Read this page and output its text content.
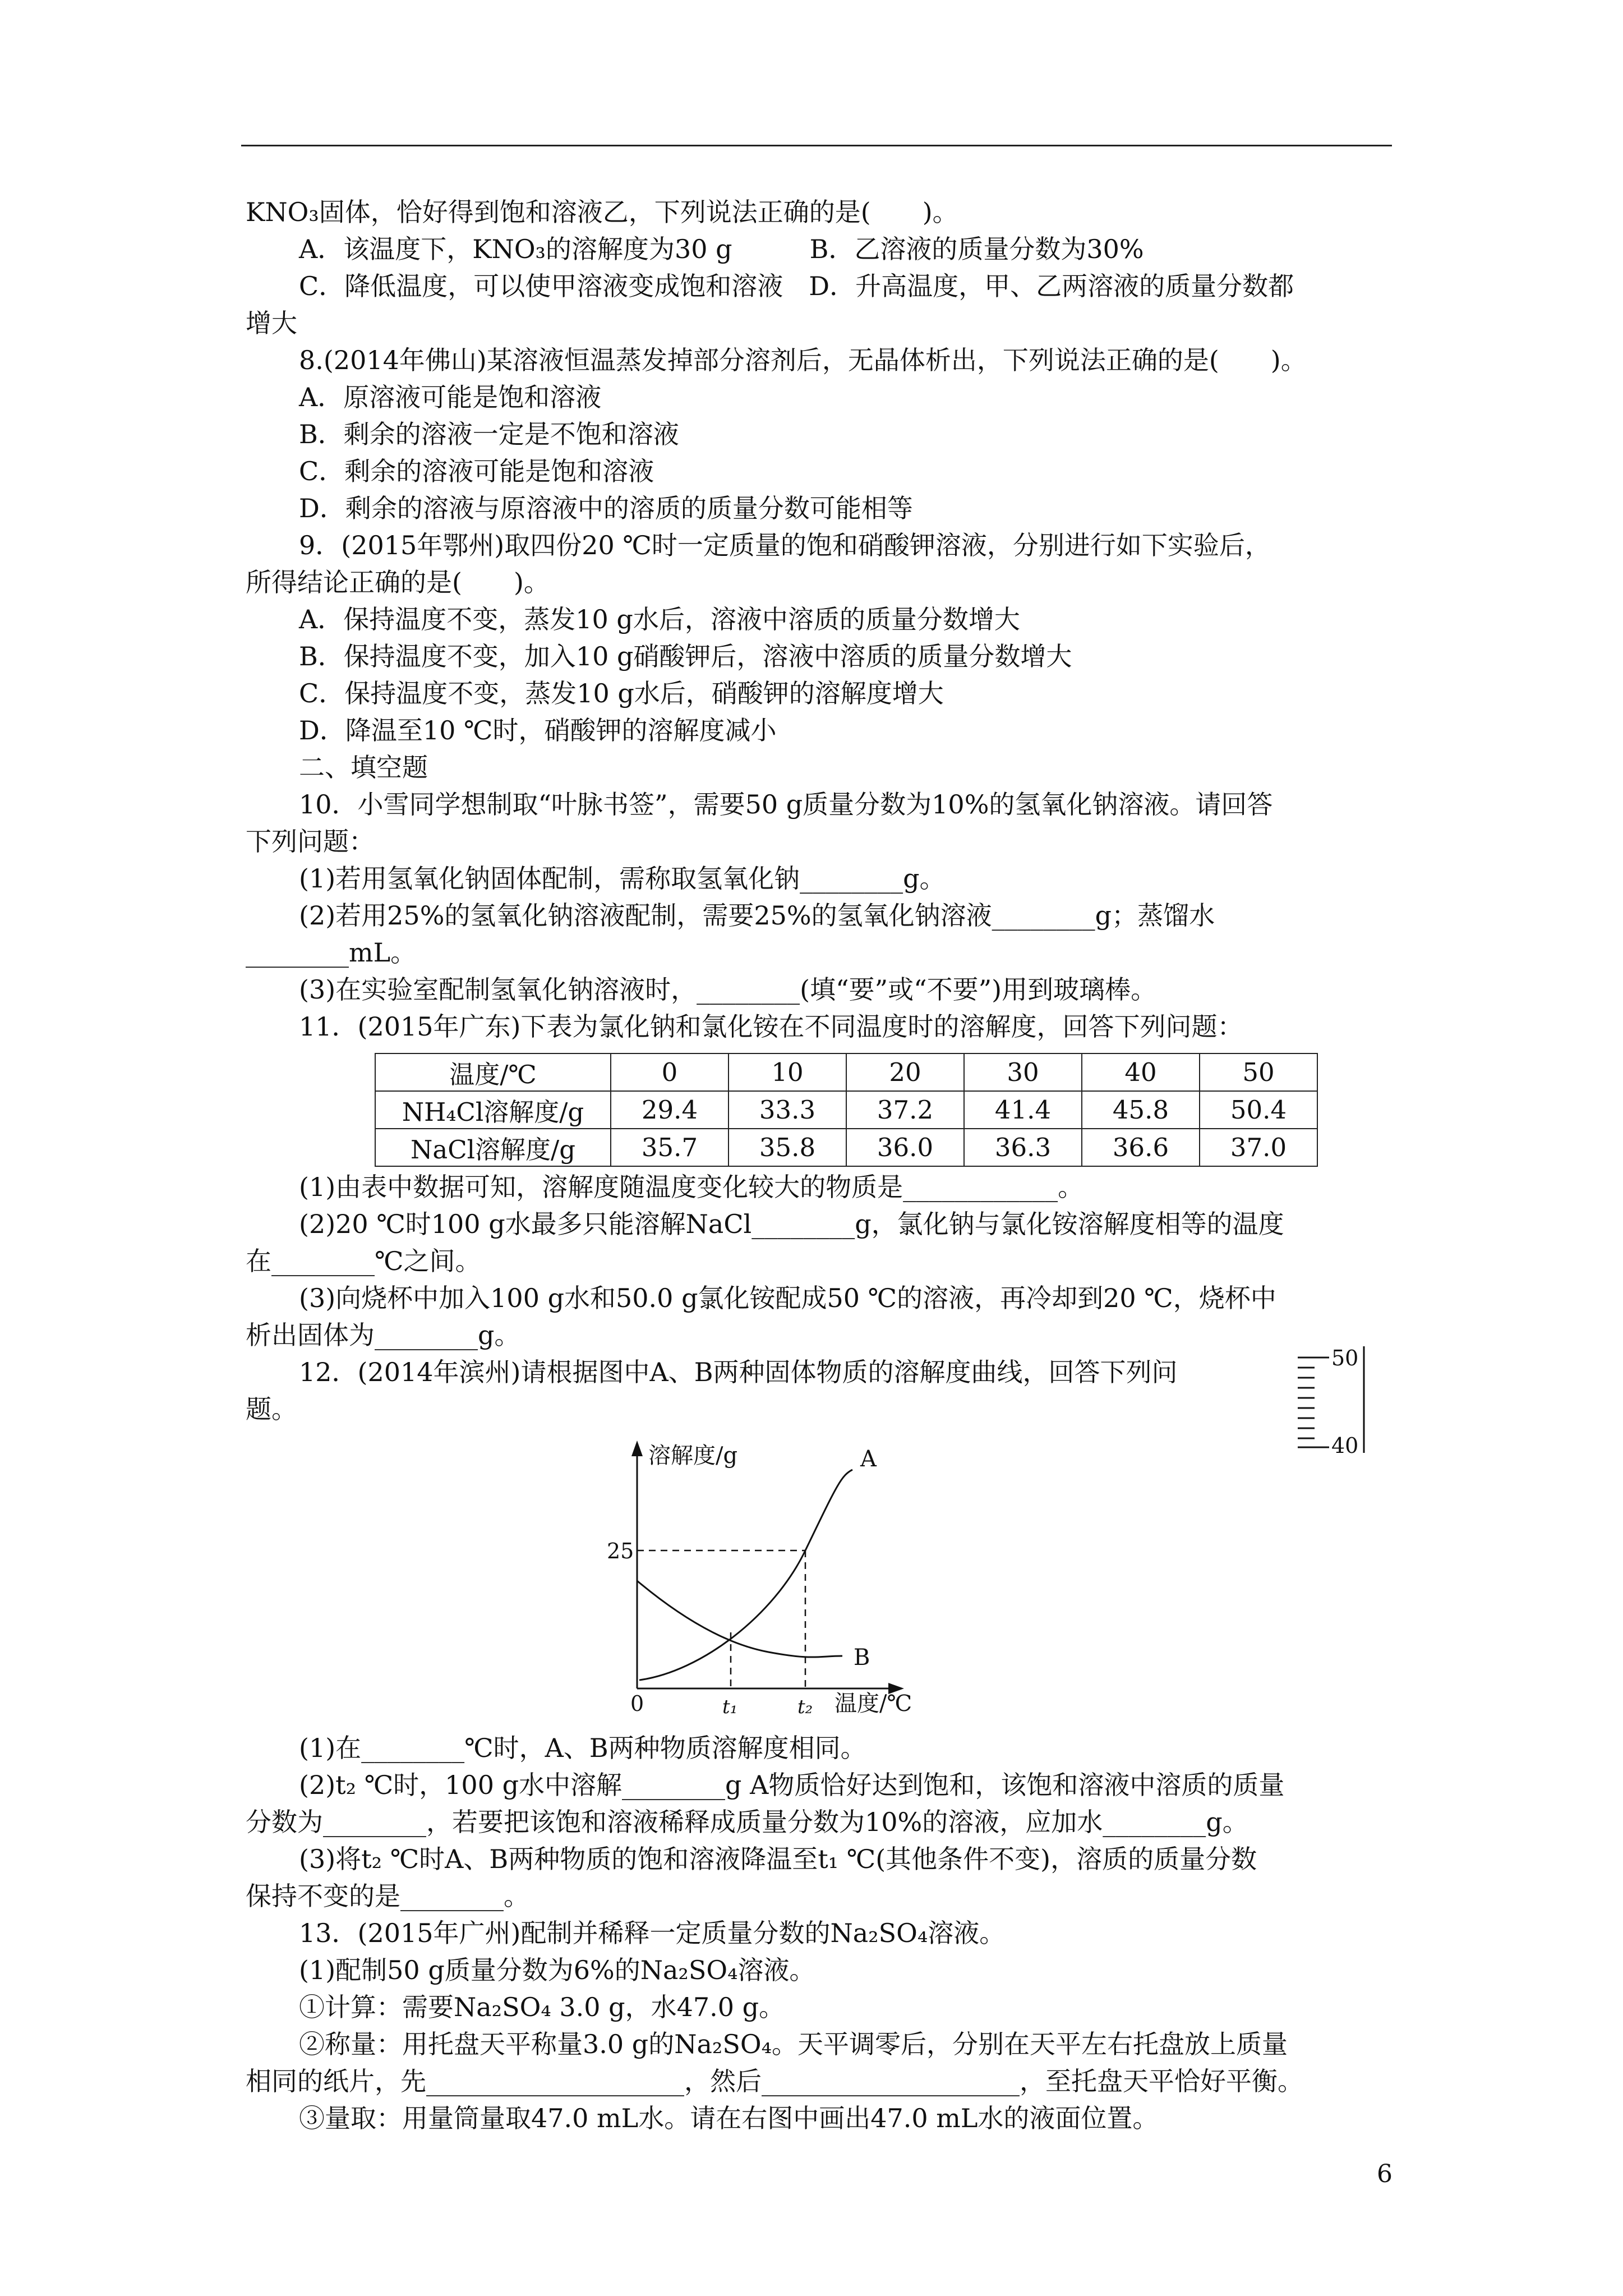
KNO₃固体，恰好得到饱和溶液乙，下列说法正确的是(　　)。
A．该温度下，KNO₃的溶解度为30 g　　　B．乙溶液的质量分数为30%
C．降低温度，可以使甲溶液变成饱和溶液　D．升高温度，甲、乙两溶液的质量分数都
增大
8.(2014年佛山)某溶液恒温蒸发掉部分溶剂后，无晶体析出，下列说法正确的是(　　)。
A．原溶液可能是饱和溶液
B．剩余的溶液一定是不饱和溶液
C．剩余的溶液可能是饱和溶液
D．剩余的溶液与原溶液中的溶质的质量分数可能相等
9．(2015年鄂州)取四份20 ℃时一定质量的饱和硝酸钾溶液，分别进行如下实验后，
所得结论正确的是(　　)。
A．保持温度不变，蒸发10 g水后，溶液中溶质的质量分数增大
B．保持温度不变，加入10 g硝酸钾后，溶液中溶质的质量分数增大
C．保持温度不变，蒸发10 g水后，硝酸钾的溶解度增大
D．降温至10 ℃时，硝酸钾的溶解度减小
二、填空题
10．小雪同学想制取“叶脉书签”，需要50 g质量分数为10%的氢氧化钠溶液。请回答
下列问题：
(1)若用氢氧化钠固体配制，需称取氢氧化钠________g。
(2)若用25%的氢氧化钠溶液配制，需要25%的氢氧化钠溶液________g；蒸馏水
________mL。
(3)在实验室配制氢氧化钠溶液时，________(填“要”或“不要”)用到玻璃棒。
11．(2015年广东)下表为氯化钠和氯化铵在不同温度时的溶解度，回答下列问题：
温度/℃	0	10	20	30	40	50
NH₄Cl溶解度/g	29.4	33.3	37.2	41.4	45.8	50.4
NaCl溶解度/g	35.7	35.8	36.0	36.3	36.6	37.0
(1)由表中数据可知，溶解度随温度变化较大的物质是____________。
(2)20 ℃时100 g水最多只能溶解NaCl________g，氯化钠与氯化铵溶解度相等的温度
在________℃之间。
(3)向烧杯中加入100 g水和50.0 g氯化铵配成50 ℃的溶液，再冷却到20 ℃，烧杯中
析出固体为________g。
12．(2014年滨州)请根据图中A、B两种固体物质的溶解度曲线，回答下列问
题。
50
40
溶解度/g
温度/℃
25
0	t₁	t₂
A
B
(1)在________℃时，A、B两种物质溶解度相同。
(2)t₂ ℃时，100 g水中溶解________g A物质恰好达到饱和，该饱和溶液中溶质的质量
分数为________，若要把该饱和溶液稀释成质量分数为10%的溶液，应加水________g。
(3)将t₂ ℃时A、B两种物质的饱和溶液降温至t₁ ℃(其他条件不变)，溶质的质量分数
保持不变的是________。
13．(2015年广州)配制并稀释一定质量分数的Na₂SO₄溶液。
(1)配制50 g质量分数为6%的Na₂SO₄溶液。
①计算：需要Na₂SO₄ 3.0 g，水47.0 g。
②称量：用托盘天平称量3.0 g的Na₂SO₄。天平调零后，分别在天平左右托盘放上质量
相同的纸片，先____________________，然后____________________，至托盘天平恰好平衡。
③量取：用量筒量取47.0 mL水。请在右图中画出47.0 mL水的液面位置。
6
